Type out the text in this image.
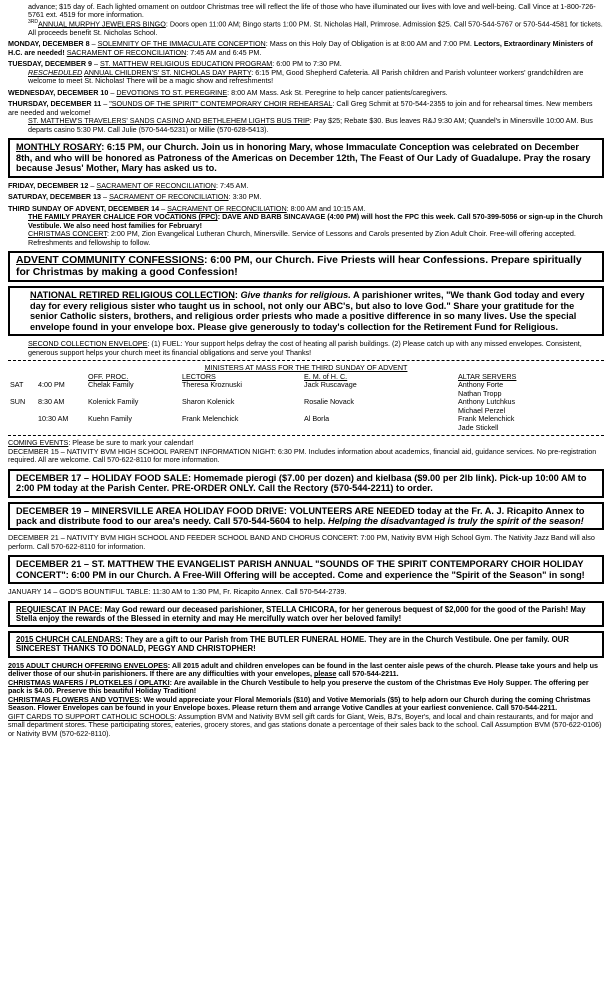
advance; $15 day of. Each lighted ornament on outdoor Christmas tree will reflect the life of those who have illuminated our lives with love and well-being. Call Vince at 1-800-726-5761 ext. 4519 for more information.

$^{3RD}$ANNUAL MURPHY JEWELERS BINGO: Doors open 11:00 AM; Bingo starts 1:00 PM. St. Nicholas Hall, Primrose. Admission $25. Call 570-544-5767 or 570-544-4581 for tickets. All proceeds benefit St. Nicholas School.

MONDAY, DECEMBER 8 – SOLEMNITY OF THE IMMACULATE CONCEPTION: Mass on this Holy Day of Obligation is at 8:00 AM and 7:00 PM. Lectors, Extraordinary Ministers of H.C. are needed! SACRAMENT OF RECONCILIATION: 7:45 AM and 6:45 PM.

TUESDAY, DECEMBER 9 – ST. MATTHEW RELIGIOUS EDUCATION PROGRAM: 6:00 PM to 7:30 PM.

RESCHEDULED ANNUAL CHILDREN'S' ST. NICHOLAS DAY PARTY: 6:15 PM, Good Shepherd Cafeteria. All Parish children and Parish volunteer workers' grandchildren are welcome to meet St. Nicholas! There will be a magic show and refreshments!

WEDNESDAY, DECEMBER 10 – DEVOTIONS TO ST. PEREGRINE: 8:00 AM Mass. Ask St. Peregrine to help cancer patients/caregivers.

THURSDAY, DECEMBER 11 – "SOUNDS OF THE SPIRIT" CONTEMPORARY CHOIR REHEARSAL: Call Greg Schmit at 570-544-2355 to join and for rehearsal times. New members are needed and welcome!

ST. MATTHEW'S TRAVELERS' SANDS CASINO AND BETHLEHEM LIGHTS BUS TRIP: Pay $25; Rebate $30. Bus leaves R&J 9:30 AM; Quandel's in Minersville 10:00 AM. Bus departs casino 5:30 PM. Call Julie (570-544-5231) or Millie (570-628-5413).

MONTHLY ROSARY: 6:15 PM, our Church. Join us in honoring Mary, whose Immaculate Conception was celebrated on December 8th, and who will be honored as Patroness of the Americas on December 12th, The Feast of Our Lady of Guadalupe. Pray the rosary because Jesus' Mother, Mary has asked us to.

FRIDAY, DECEMBER 12 – SACRAMENT OF RECONCILIATION: 7:45 AM.

SATURDAY, DECEMBER 13 – SACRAMENT OF RECONCILIATION: 3:30 PM.

THIRD SUNDAY OF ADVENT, DECEMBER 14 – SACRAMENT OF RECONCILIATION: 8:00 AM and 10:15 AM.

THE FAMILY PRAYER CHALICE FOR VOCATIONS (FPC): DAVE AND BARB SINCAVAGE (4:00 PM) will host the FPC this week. Call 570-399-5056 or sign-up in the Church Vestibule. We also need host families for February!

CHRISTMAS CONCERT: 2:00 PM, Zion Evangelical Lutheran Church, Minersville. Service of Lessons and Carols presented by Zion Adult Choir. Free-will offering accepted. Refreshments and fellowship to follow.

ADVENT COMMUNITY CONFESSIONS: 6:00 PM, our Church. Five Priests will hear Confessions. Prepare spiritually for Christmas by making a good Confession!
NATIONAL RETIRED RELIGIOUS COLLECTION: Give thanks for religious. A parishioner writes, "We thank God today and every day for every religious sister who taught us in school, not only our ABC's, but also to love God." Share your gratitude for the senior Catholic sisters, brothers, and religious order priests who made a positive difference in so many lives. Use the special envelope found in your envelope box. Please give generously to today's collection for the Retirement Fund for Religious.

SECOND COLLECTION ENVELOPE: (1) FUEL: Your support helps defray the cost of heating all parish buildings. (2) Please catch up with any missed envelopes. Consistent, generous support helps your church meet its financial obligations and serve you! Thanks!

MINISTERS AT MASS FOR THE THIRD SUNDAY OF ADVENT

		OFF. PROC.	LECTORS	E. M. of H. C.	ALTAR SERVERS
SAT	4:00 PM	Chelak Family	Theresa Kroznuski	Jack Ruscavage	Anthony Forte
					Nathan Tropp
SUN	8:30 AM	Kolenick Family	Sharon Kolenick	Rosalie Novack	Anthony Lutchkus
					Michael Perzel
	10:30 AM	Kuehn Family	Frank Melenchick	Al Borla	Frank Melenchick
					Jade Stickell

COMING EVENTS: Please be sure to mark your calendar!

DECEMBER 15 – NATIVITY BVM HIGH SCHOOL PARENT INFORMATION NIGHT: 6:30 PM. Includes information about academics, financial aid, guidance services. No pre-registration required. All are welcome. Call 570-622-8110 for more information.

DECEMBER 17 – HOLIDAY FOOD SALE: Homemade pierogi ($7.00 per dozen) and kielbasa ($9.00 per 2lb link). Pick-up 10:00 AM to 2:00 PM today at the Parish Center. PRE-ORDER ONLY. Call the Rectory (570-544-2211) to order.
DECEMBER 19 – MINERSVILLE AREA HOLIDAY FOOD DRIVE: VOLUNTEERS ARE NEEDED today at the Fr. A. J. Ricapito Annex to pack and distribute food to our area's needy. Call 570-544-5604 to help. Helping the disadvantaged is truly the spirit of the season!

DECEMBER 21 – NATIVITY BVM HIGH SCHOOL AND FEEDER SCHOOL BAND AND CHORUS CONCERT: 7:00 PM, Nativity BVM High School Gym. The Nativity Jazz Band will also perform. Call 570-622-8110 for information.

DECEMBER 21 – ST. MATTHEW THE EVANGELIST PARISH ANNUAL "SOUNDS OF THE SPIRIT CONTEMPORARY CHOIR HOLIDAY CONCERT": 6:00 PM in our Church. A Free-Will Offering will be accepted. Come and experience the "Spirit of the Season" in song!

JANUARY 14 – GOD'S BOUNTIFUL TABLE: 11:30 AM to 1:30 PM, Fr. Ricapito Annex. Call 570-544-2739.

REQUIESCAT IN PACE: May God reward our deceased parishioner, STELLA CHICORA, for her generous bequest of $2,000 for the good of the Parish! May Stella enjoy the rewards of the Blessed in eternity and may He mercifully watch over her beloved family!
2015 CHURCH CALENDARS: They are a gift to our Parish from THE BUTLER FUNERAL HOME. They are in the Church Vestibule. One per family. OUR SINCEREST THANKS TO DONALD, PEGGY AND CHRISTOPHER!

2015 ADULT CHURCH OFFERING ENVELOPES: All 2015 adult and children envelopes can be found in the last center aisle pews of the church. Please take yours and help us deliver those of our shut-in parishioners. If there are any difficulties with your envelopes, please call 570-544-2211.

CHRISTMAS WAFERS / PLOTKELES / OPLATKI: Are available in the Church Vestibule to help you preserve the custom of the Christmas Eve Holy Supper. The offering per pack is $4.00. Preserve this beautiful Holiday Tradition!

CHRISTMAS FLOWERS AND VOTIVES: We would appreciate your Floral Memorials ($10) and Votive Memorials ($5) to help adorn our Church during the coming Christmas Season. Flower Envelopes can be found in your Envelope boxes. Please return them and arrange Votive Candles at your earliest convenience. Call 570-544-2211.

GIFT CARDS TO SUPPORT CATHOLIC SCHOOLS: Assumption BVM and Nativity BVM sell gift cards for Giant, Weis, BJ's, Boyer's, and local and chain restaurants, and for major and small department stores. These participating stores, eateries, grocery stores, and gas stations donate a percentage of their sales back to the school. Call Assumption BVM (570-622-0106) or Nativity BVM (570-622-8110).
